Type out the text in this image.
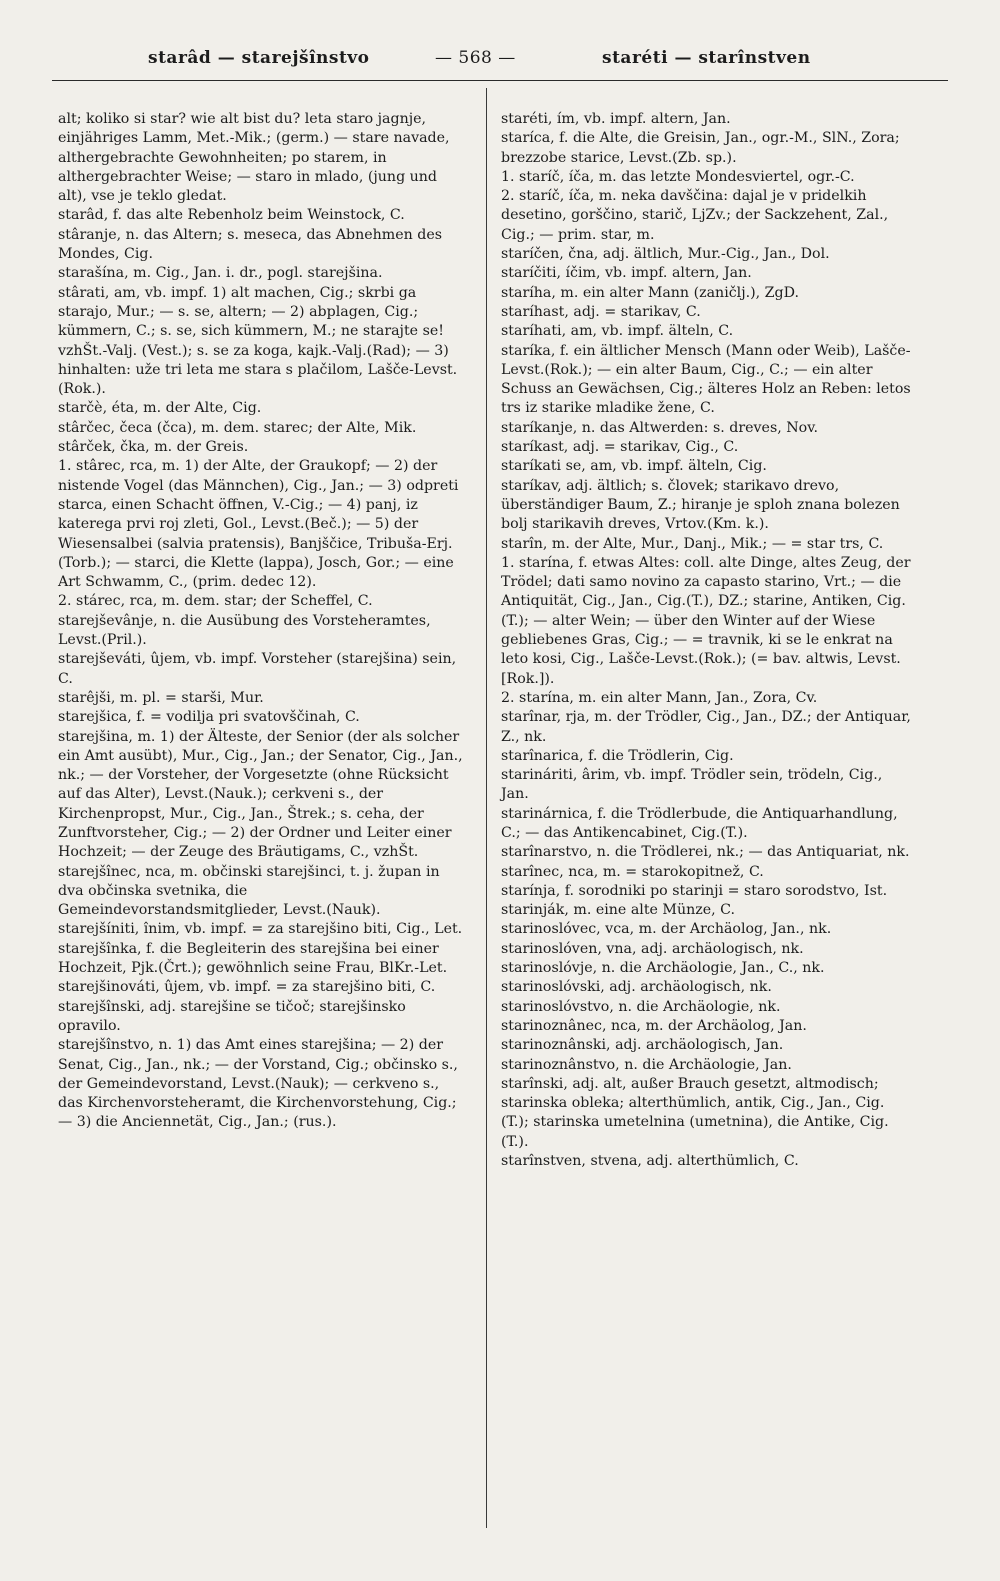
starâd — starejšînstvo	— 568 —	staréti — starînstven
alt; koliko si star? wie alt bist du? leta staro jagnje, einjähriges Lamm, Met.-Mik.; (germ.) — stare navade, althergebrachte Gewohnheiten; po starem, in althergebrachter Weise; — staro in mlado, (jung und alt), vse je teklo gledat.
starâd, f. das alte Rebenholz beim Weinstock, C.
stâranje, n. das Altern; s. meseca, das Abnehmen des Mondes, Cig.
starašína, m. Cig., Jan. i. dr., pogl. starejšina.
stârati, am, vb. impf. 1) alt machen, Cig.; skrbi ga starajo, Mur.; — s. se, altern; — 2) abplagen, Cig.; kümmern, C.; s. se, sich kümmern, M.; ne starajte se! vzhŠt.-Valj. (Vest.); s. se za koga, kajk.-Valj.(Rad); — 3) hinhalten: uže tri leta me stara s plačilom, Lašče-Levst.(Rok.).
starčè, éta, m. der Alte, Cig.
stârčec, čeca (čca), m. dem. starec; der Alte, Mik.
stârček, čka, m. der Greis.
1. stârec, rca, m. 1) der Alte, der Graukopf; — 2) der nistende Vogel (das Männchen), Cig., Jan.; — 3) odpreti starca, einen Schacht öffnen, V.-Cig.; — 4) panj, iz katerega prvi roj zleti, Gol., Levst.(Beč.); — 5) der Wiesensalbei (salvia pratensis), Banjščice, Tribuša-Erj.(Torb.); — starci, die Klette (lappa), Josch, Gor.; — eine Art Schwamm, C., (prim. dedec 12).
2. stárec, rca, m. dem. star; der Scheffel, C.
starejševânje, n. die Ausübung des Vorsteheramtes, Levst.(Pril.).
starejševáti, ûjem, vb. impf. Vorsteher (starejšina) sein, C.
starêjši, m. pl. = starši, Mur.
starejšica, f. = vodilja pri svatovščinah, C.
starejšina, m. 1) der Älteste, der Senior (der als solcher ein Amt ausübt), Mur., Cig., Jan.; der Senator, Cig., Jan., nk.; — der Vorsteher, der Vorgesetzte (ohne Rücksicht auf das Alter), Levst.(Nauk.); cerkveni s., der Kirchenpropst, Mur., Cig., Jan., Štrek.; s. ceha, der Zunftvorsteher, Cig.; — 2) der Ordner und Leiter einer Hochzeit; — der Zeuge des Bräutigams, C., vzhŠt.
starejšînec, nca, m. občinski starejšinci, t. j. župan in dva občinska svetnika, die Gemeindevorstandsmitglieder, Levst.(Nauk).
starejšíniti, înim, vb. impf. = za starejšino biti, Cig., Let.
starejšînka, f. die Begleiterin des starejšina bei einer Hochzeit, Pjk.(Črt.); gewöhnlich seine Frau, BlKr.-Let.
starejšinováti, ûjem, vb. impf. = za starejšino biti, C.
starejšînski, adj. starejšine se tičoč; starejšinsko opravilo.
starejšînstvo, n. 1) das Amt eines starejšina; — 2) der Senat, Cig., Jan., nk.; — der Vorstand, Cig.; občinsko s., der Gemeindevorstand, Levst.(Nauk); — cerkveno s., das Kirchenvorsteheramt, die Kirchenvorstehung, Cig.; — 3) die Anciennetät, Cig., Jan.; (rus.).
staréti, ím, vb. impf. altern, Jan.
staríca, f. die Alte, die Greisin, Jan., ogr.-M., SlN., Zora; brezzobe starice, Levst.(Zb. sp.).
1. staríč, íča, m. das letzte Mondesviertel, ogr.-C.
2. staríč, íča, m. neka davščina: dajal je v pridelkih desetino, gorščino, starič, LjZv.; der Sackzehent, Zal., Cig.; — prim. star, m.
staríčen, čna, adj. ältlich, Mur.-Cig., Jan., Dol.
staríčiti, íčim, vb. impf. altern, Jan.
staríha, m. ein alter Mann (zaničlj.), ZgD.
staríhast, adj. = starikav, C.
staríhati, am, vb. impf. älteln, C.
staríka, f. ein ältlicher Mensch (Mann oder Weib), Lašče-Levst.(Rok.); — ein alter Baum, Cig., C.; — ein alter Schuss an Gewächsen, Cig.; älteres Holz an Reben: letos trs iz starike mladike žene, C.
staríkanje, n. das Altwerden: s. dreves, Nov.
staríkast, adj. = starikav, Cig., C.
staríkati se, am, vb. impf. älteln, Cig.
staríkav, adj. ältlich; s. človek; starikavo drevo, überständiger Baum, Z.; hiranje je sploh znana bolezen bolj starikavih dreves, Vrtov.(Km. k.).
starîn, m. der Alte, Mur., Danj., Mik.; — = star trs, C.
1. starína, f. etwas Altes: coll. alte Dinge, altes Zeug, der Trödel; dati samo novino za capasto starino, Vrt.; — die Antiquität, Cig., Jan., Cig.(T.), DZ.; starine, Antiken, Cig.(T.); — alter Wein; — über den Winter auf der Wiese gebliebenes Gras, Cig.; — = travnik, ki se le enkrat na leto kosi, Cig., Lašče-Levst.(Rok.); (= bav. altwis, Levst.[Rok.]).
2. starína, m. ein alter Mann, Jan., Zora, Cv.
starînar, rja, m. der Trödler, Cig., Jan., DZ.; der Antiquar, Z., nk.
starînarica, f. die Trödlerin, Cig.
starináriti, ârim, vb. impf. Trödler sein, trödeln, Cig., Jan.
starinárnica, f. die Trödlerbude, die Antiquarhandlung, C.; — das Antikencabinet, Cig.(T.).
starînarstvo, n. die Trödlerei, nk.; — das Antiquariat, nk.
starînec, nca, m. = starokopitnež, C.
starínja, f. sorodniki po starinji = staro sorodstvo, Ist.
starinják, m. eine alte Münze, C.
starinoslóvec, vca, m. der Archäolog, Jan., nk.
starinoslóven, vna, adj. archäologisch, nk.
starinoslóvje, n. die Archäologie, Jan., C., nk.
starinoslóvski, adj. archäologisch, nk.
starinoslóvstvo, n. die Archäologie, nk.
starinoznânec, nca, m. der Archäolog, Jan.
starinoznânski, adj. archäologisch, Jan.
starinoznânstvo, n. die Archäologie, Jan.
starînski, adj. alt, außer Brauch gesetzt, altmodisch; starinska obleka; alterthümlich, antik, Cig., Jan., Cig.(T.); starinska umetelnina (umetnina), die Antike, Cig.(T.).
starînstven, stvena, adj. alterthümlich, C.
